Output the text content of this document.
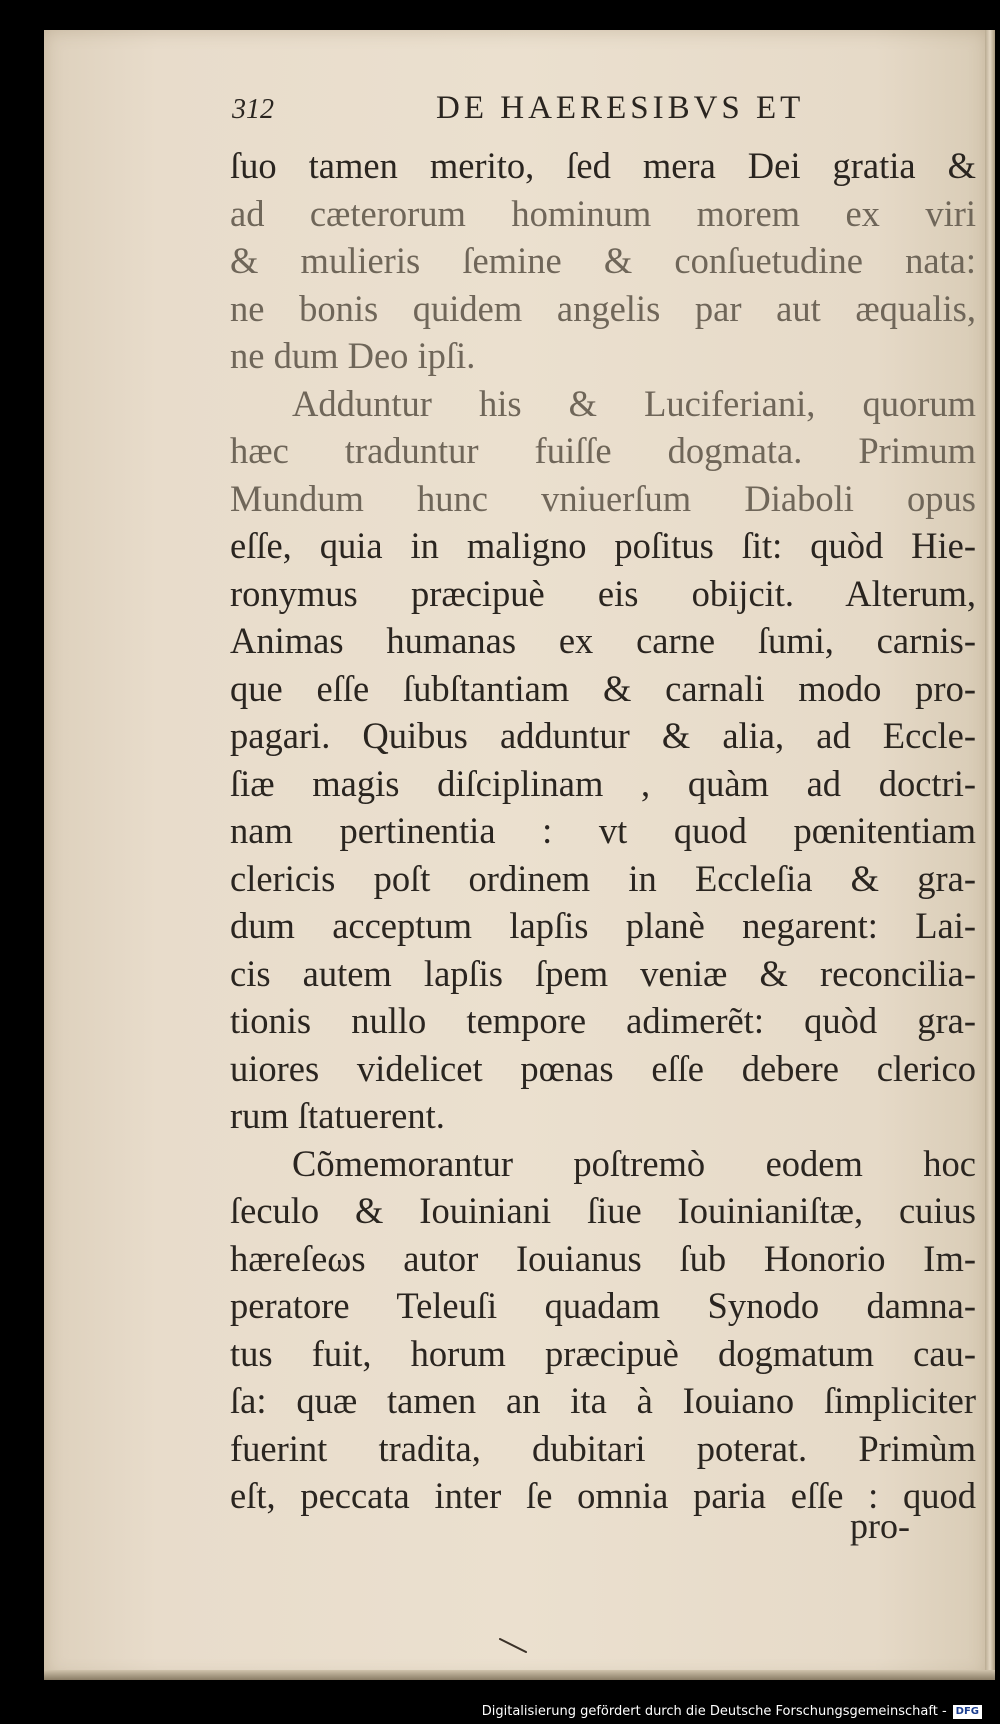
312	DE HAERESIBVS ET
ſuo tamen merito, ſed mera Dei gratia &
ad cæterorum hominum morem ex viri
& mulieris ſemine & conſuetudine nata:
ne bonis quidem angelis par aut æqualis,
ne dum Deo ipſi.
Adduntur his & Luciferiani, quorum
hæc traduntur fuiſſe dogmata. Primum
Mundum hunc vniuerſum Diaboli opus
eſſe, quia in maligno poſitus ſit: quòd Hie-
ronymus præcipuè eis obijcit. Alterum,
Animas humanas ex carne ſumi, carnis-
que eſſe ſubſtantiam & carnali modo pro-
pagari. Quibus adduntur & alia, ad Eccle-
ſiæ magis diſciplinam , quàm ad doctri-
nam pertinentia : vt quod pœnitentiam
clericis poſt ordinem in Eccleſia & gra-
dum acceptum lapſis planè negarent: Lai-
cis autem lapſis ſpem veniæ & reconcilia-
tionis nullo tempore adimerẽt: quòd gra-
uiores videlicet pœnas eſſe debere clerico
rum ſtatuerent.
Cõmemorantur poſtremò eodem hoc
ſeculo & Iouiniani ſiue Iouinianiſtæ, cuius
hæreſeωs autor Iouianus ſub Honorio Im-
peratore Teleuſi quadam Synodo damna-
tus fuit, horum præcipuè dogmatum cau-
ſa: quæ tamen an ita à Iouiano ſimpliciter
fuerint tradita, dubitari poterat. Primùm
eſt, peccata inter ſe omnia paria eſſe : quod
pro-
Digitalisierung gefördert durch die Deutsche Forschungsgemeinschaft - DFG
